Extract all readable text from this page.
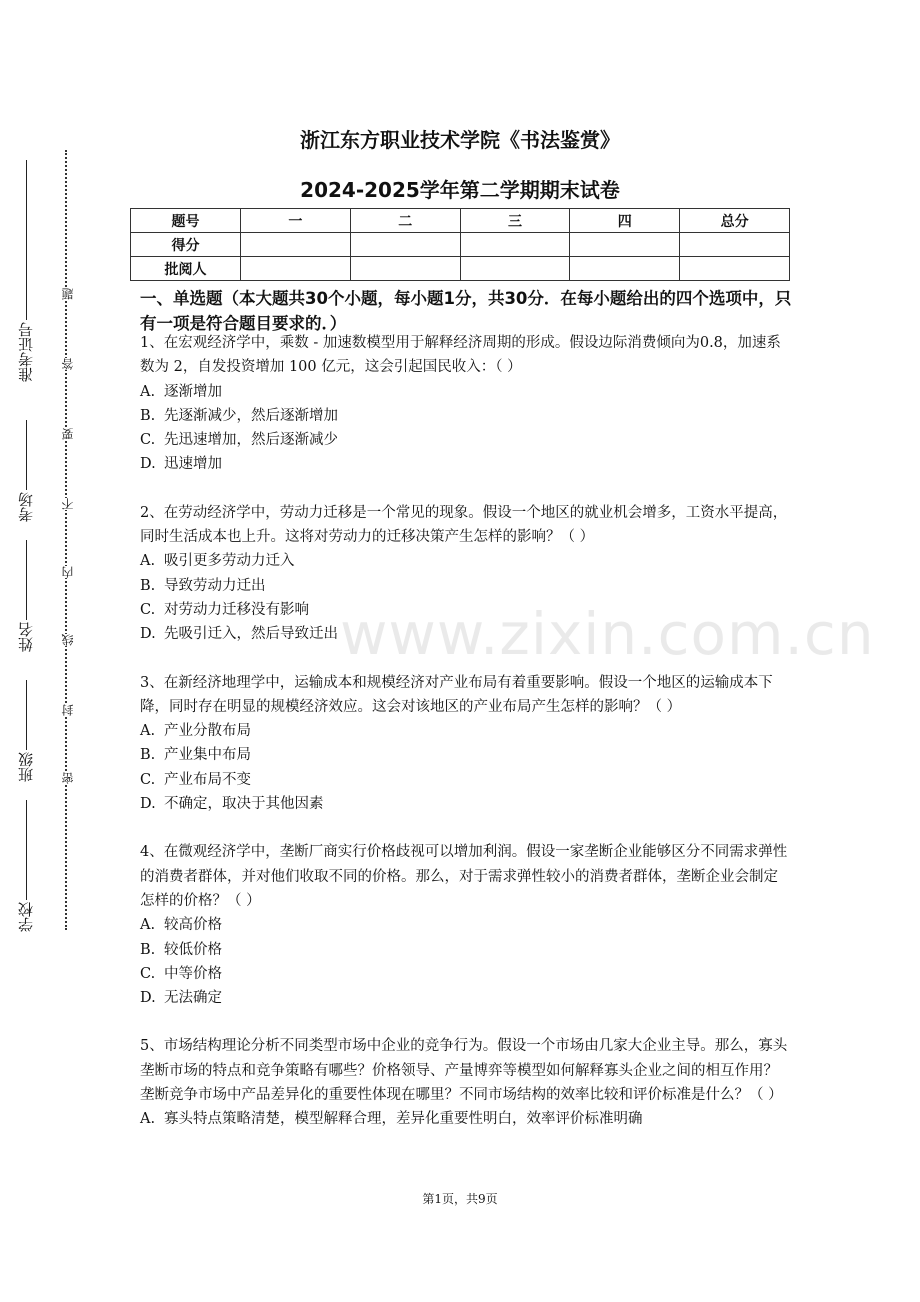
准考证号
考场
姓名
班级
学校
题
答
要
不
内
线
封
密
浙江东方职业技术学院《书法鉴赏》
2024-2025学年第二学期期末试卷
题号	一	二	三	四	总分
得分					
批阅人					
一、单选题（本大题共30个小题，每小题1分，共30分．在每小题给出的四个选项中，只有一项是符合题目要求的．）

1、在宏观经济学中，乘数 - 加速数模型用于解释经济周期的形成。假设边际消费倾向为0.8，加速系数为 2，自发投资增加 100 亿元，这会引起国民收入：（ ）

A. 逐渐增加

B. 先逐渐减少，然后逐渐增加

C. 先迅速增加，然后逐渐减少

D. 迅速增加

2、在劳动经济学中，劳动力迁移是一个常见的现象。假设一个地区的就业机会增多，工资水平提高，同时生活成本也上升。这将对劳动力的迁移决策产生怎样的影响？（ ）

A. 吸引更多劳动力迁入

B. 导致劳动力迁出

C. 对劳动力迁移没有影响

D. 先吸引迁入，然后导致迁出

3、在新经济地理学中，运输成本和规模经济对产业布局有着重要影响。假设一个地区的运输成本下降，同时存在明显的规模经济效应。这会对该地区的产业布局产生怎样的影响？（ ）

A. 产业分散布局

B. 产业集中布局

C. 产业布局不变

D. 不确定，取决于其他因素

4、在微观经济学中，垄断厂商实行价格歧视可以增加利润。假设一家垄断企业能够区分不同需求弹性的消费者群体，并对他们收取不同的价格。那么，对于需求弹性较小的消费者群体，垄断企业会制定怎样的价格？（ ）

A. 较高价格

B. 较低价格

C. 中等价格

D. 无法确定

5、市场结构理论分析不同类型市场中企业的竞争行为。假设一个市场由几家大企业主导。那么，寡头垄断市场的特点和竞争策略有哪些？价格领导、产量博弈等模型如何解释寡头企业之间的相互作用？垄断竞争市场中产品差异化的重要性体现在哪里？不同市场结构的效率比较和评价标准是什么？（ ）

A. 寡头特点策略清楚，模型解释合理，差异化重要性明白，效率评价标准明确

www.zixin.com.cn
第1页，共9页
